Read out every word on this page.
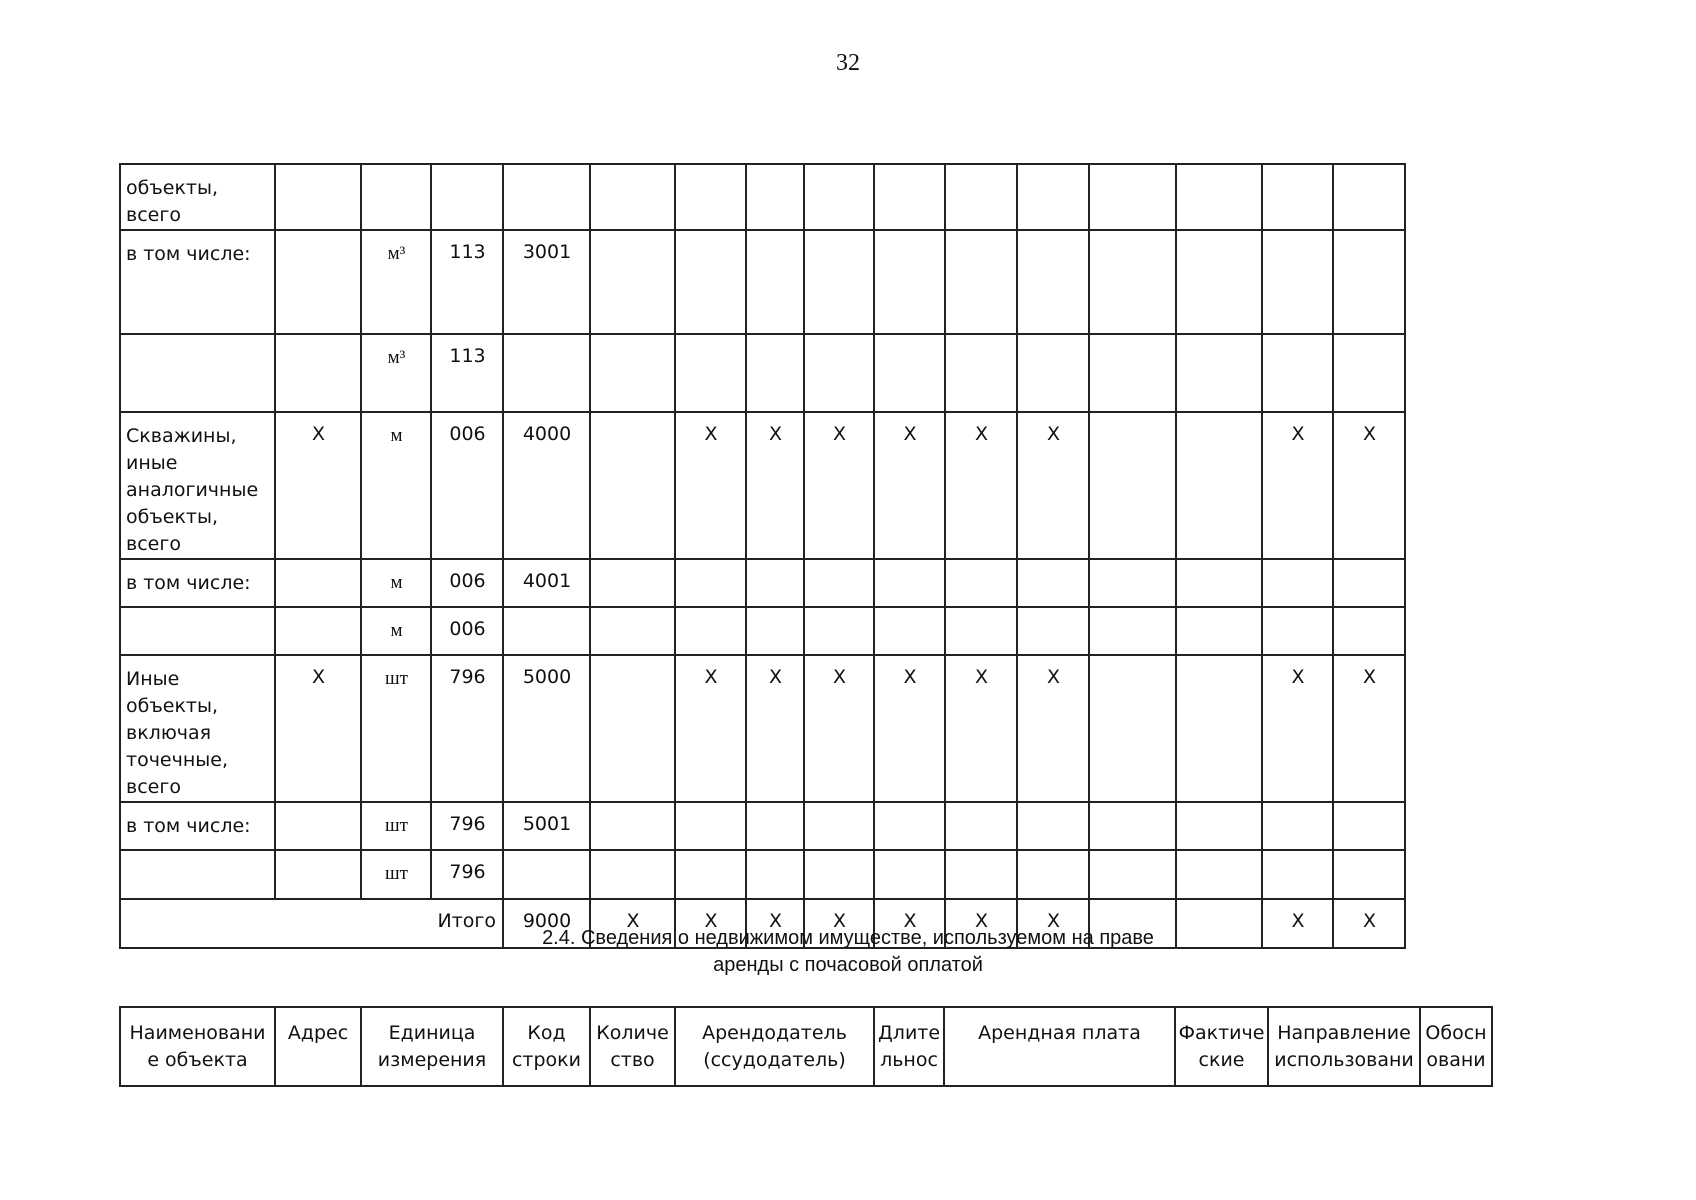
32
объекты, всего															
в том числе:		м³	113	3001											
		м³	113												
Скважины, иные аналогичные объекты, всего	X	м	006	4000		X	X	X	X	X	X			X	X
в том числе:		м	006	4001											
		м	006												
Иные объекты, включая точечные, всего	X	шт	796	5000		X	X	X	X	X	X			X	X
в том числе:		шт	796	5001											
		шт	796												
Итого				9000	X	X	X	X	X	X	X			X	X
2.4. Сведения о недвижимом имуществе, используемом на праве
аренды с почасовой оплатой
Наименовани е объекта	Адрес	Единица измерения	Код строки	Количе ство	Арендодатель (ссудодатель)	Длите льнос	Арендная плата	Фактиче ские	Направление использовани	Обосн овани
